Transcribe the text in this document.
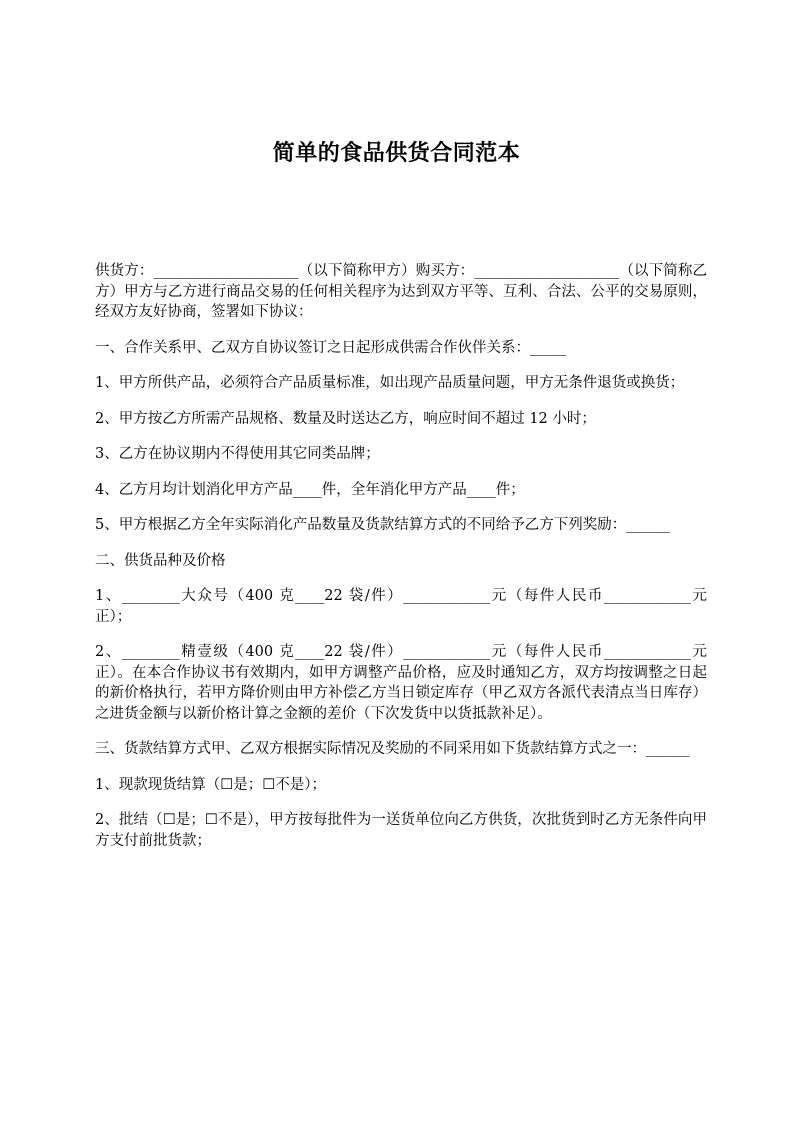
简单的食品供货合同范本

供货方：____________________（以下简称甲方）购买方：____________________（以下简称乙方）甲方与乙方进行商品交易的任何相关程序为达到双方平等、互利、合法、公平的交易原则，经双方友好协商，签署如下协议：

一、合作关系甲、乙双方自协议签订之日起形成供需合作伙伴关系：_____

1、甲方所供产品，必须符合产品质量标准，如出现产品质量问题，甲方无条件退货或换货；

2、甲方按乙方所需产品规格、数量及时送达乙方，响应时间不超过 12 小时；

3、乙方在协议期内不得使用其它同类品牌；

4、乙方月均计划消化甲方产品____件，全年消化甲方产品____件；

5、甲方根据乙方全年实际消化产品数量及货款结算方式的不同给予乙方下列奖励：______

二、供货品种及价格

1、________大众号（400 克____22 袋/件）____________元（每件人民币____________元正）；

2、________精壹级（400 克____22 袋/件）____________元（每件人民币____________元正）。在本合作协议书有效期内，如甲方调整产品价格，应及时通知乙方，双方均按调整之日起的新价格执行，若甲方降价则由甲方补偿乙方当日锁定库存（甲乙双方各派代表清点当日库存）之进货金额与以新价格计算之金额的差价（下次发货中以货抵款补足）。

三、货款结算方式甲、乙双方根据实际情况及奖励的不同采用如下货款结算方式之一：______

1、现款现货结算（☐是；☐不是）；

2、批结（☐是；☐不是），甲方按每批件为一送货单位向乙方供货，次批货到时乙方无条件向甲方支付前批货款；
